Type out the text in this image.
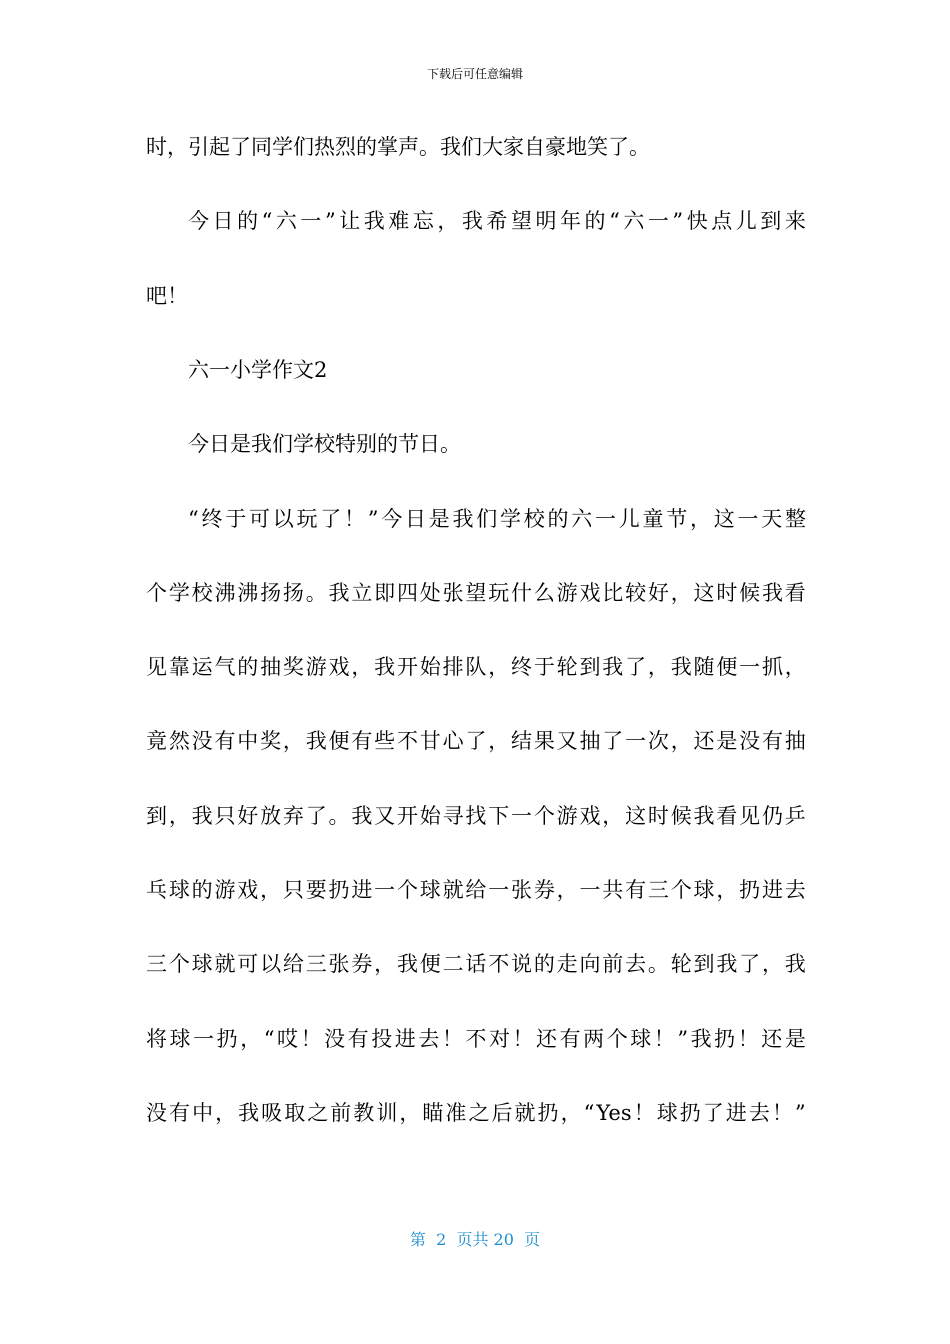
下载后可任意编辑
时，引起了同学们热烈的掌声。我们大家自豪地笑了。
今 日 的 “ 六 一 ” 让 我 难 忘 ， 我 希 望 明 年 的 “ 六 一 ” 快 点 儿 到 来
吧！
六一小学作文2
今日是我们学校特别的节日。
“ 终 于 可 以 玩 了 ！ ” 今 日 是 我 们 学 校 的 六 一 儿 童 节 ， 这 一 天 整
个 学 校 沸 沸 扬 扬 。 我 立 即 四 处 张 望 玩 什 么 游 戏 比 较 好 ， 这 时 候 我 看
见 靠 运 气 的 抽 奖 游 戏 ， 我 开 始 排 队 ， 终 于 轮 到 我 了 ， 我 随 便 一 抓 ，
竟 然 没 有 中 奖 ， 我 便 有 些 不 甘 心 了 ， 结 果 又 抽 了 一 次 ， 还 是 没 有 抽
到 ， 我 只 好 放 弃 了 。 我 又 开 始 寻 找 下 一 个 游 戏 ， 这 时 候 我 看 见 仍 乒
乓 球 的 游 戏 ， 只 要 扔 进 一 个 球 就 给 一 张 券 ， 一 共 有 三 个 球 ， 扔 进 去
三 个 球 就 可 以 给 三 张 券 ， 我 便 二 话 不 说 的 走 向 前 去 。 轮 到 我 了 ， 我
将 球 一 扔 ， “ 哎 ！ 没 有 投 进 去 ！ 不 对 ！ 还 有 两 个 球 ！ ” 我 扔 ！ 还 是
没 有 中 ， 我 吸 取 之 前 教 训 ， 瞄 准 之 后 就 扔 ， “ Yes ！ 球 扔 了 进 去 ！ ”
第  2  页共 20  页
